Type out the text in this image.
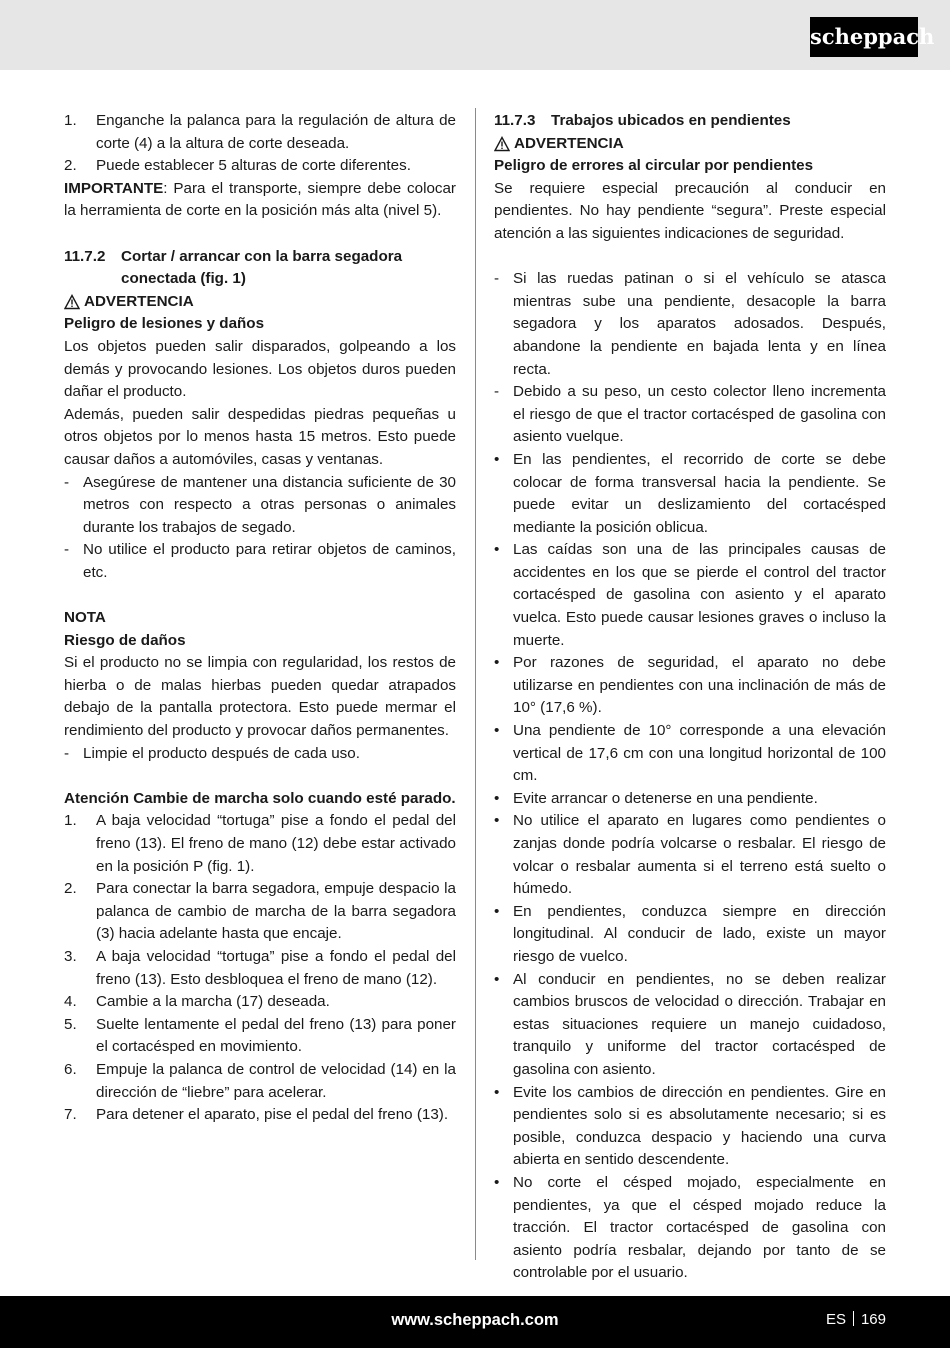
scheppach
1.	Enganche la palanca para la regulación de altura de corte (4) a la altura de corte deseada.
2.	Puede establecer 5 alturas de corte diferentes.

IMPORTANTE: Para el transporte, siempre debe colocar la herramienta de corte en la posición más alta (nivel 5).

11.7.2	Cortar / arrancar con la barra segadora conectada (fig. 1)
ADVERTENCIA

Peligro de lesiones y daños

Los objetos pueden salir disparados, golpeando a los demás y provocando lesiones. Los objetos duros pueden dañar el producto.

Además, pueden salir despedidas piedras pequeñas u otros objetos por lo menos hasta 15 metros. Esto puede causar daños a automóviles, casas y ventanas.

- Asegúrese de mantener una distancia suficiente de 30 metros con respecto a otras personas o animales durante los trabajos de segado.
- No utilice el producto para retirar objetos de caminos, etc.

NOTA

Riesgo de daños

Si el producto no se limpia con regularidad, los restos de hierba o de malas hierbas pueden quedar atrapados debajo de la pantalla protectora. Esto puede mermar el rendimiento del producto y provocar daños permanentes.

- Limpie el producto después de cada uso.

Atención Cambie de marcha solo cuando esté parado.

1.	A baja velocidad “tortuga” pise a fondo el pedal del freno (13). El freno de mano (12) debe estar activado en la posición P (fig. 1).
2.	Para conectar la barra segadora, empuje despacio la palanca de cambio de marcha de la barra segadora (3) hacia adelante hasta que encaje.
3.	A baja velocidad “tortuga” pise a fondo el pedal del freno (13). Esto desbloquea el freno de mano (12).
4.	Cambie a la marcha (17) deseada.
5.	Suelte lentamente el pedal del freno (13) para poner el cortacésped en movimiento.
6.	Empuje la palanca de control de velocidad (14) en la dirección de “liebre” para acelerar.
7.	Para detener el aparato, pise el pedal del freno (13).
11.7.3	Trabajos ubicados en pendientes
ADVERTENCIA

Peligro de errores al circular por pendientes

Se requiere especial precaución al conducir en pendientes. No hay pendiente “segura”. Preste especial atención a las siguientes indicaciones de seguridad.

- Si las ruedas patinan o si el vehículo se atasca mientras sube una pendiente, desacople la barra segadora y los aparatos adosados. Después, abandone la pendiente en bajada lenta y en línea recta.
- Debido a su peso, un cesto colector lleno incrementa el riesgo de que el tractor cortacésped de gasolina con asiento vuelque.
• En las pendientes, el recorrido de corte se debe colocar de forma transversal hacia la pendiente. Se puede evitar un deslizamiento del cortacésped mediante la posición oblicua.
• Las caídas son una de las principales causas de accidentes en los que se pierde el control del tractor cortacésped de gasolina con asiento y el aparato vuelca. Esto puede causar lesiones graves o incluso la muerte.
• Por razones de seguridad, el aparato no debe utilizarse en pendientes con una inclinación de más de 10° (17,6 %).
• Una pendiente de 10° corresponde a una elevación vertical de 17,6 cm con una longitud horizontal de 100 cm.
• Evite arrancar o detenerse en una pendiente.
• No utilice el aparato en lugares como pendientes o zanjas donde podría volcarse o resbalar. El riesgo de volcar o resbalar aumenta si el terreno está suelto o húmedo.
• En pendientes, conduzca siempre en dirección longitudinal. Al conducir de lado, existe un mayor riesgo de vuelco.
• Al conducir en pendientes, no se deben realizar cambios bruscos de velocidad o dirección. Trabajar en estas situaciones requiere un manejo cuidadoso, tranquilo y uniforme del tractor cortacésped de gasolina con asiento.
• Evite los cambios de dirección en pendientes. Gire en pendientes solo si es absolutamente necesario; si es posible, conduzca despacio y haciendo una curva abierta en sentido descendente.
• No corte el césped mojado, especialmente en pendientes, ya que el césped mojado reduce la tracción. El tractor cortacésped de gasolina con asiento podría resbalar, dejando por tanto de se controlable por el usuario.
www.scheppach.com	ES 169
